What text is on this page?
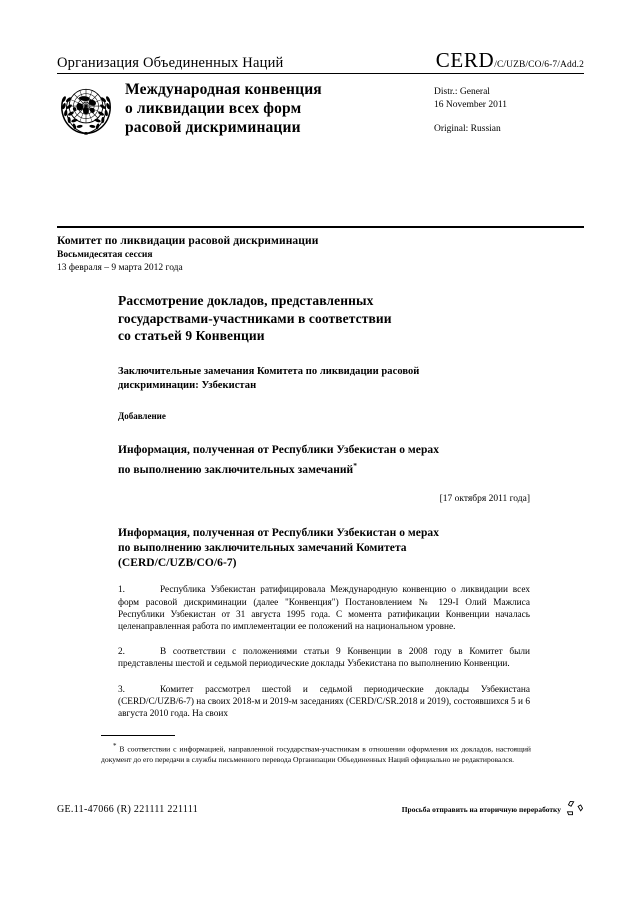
Организация Объединенных Наций	CERD/C/UZB/CO/6-7/Add.2
Международная конвенция
о ликвидации всех форм
расовой дискриминации
Distr.: General
16 November 2011
Original: Russian
Комитет по ликвидации расовой дискриминации
Восьмидесятая сессия
13 февраля – 9 марта 2012 года
Рассмотрение докладов, представленных
государствами-участниками в соответствии
со статьей 9 Конвенции
Заключительные замечания Комитета по ликвидации расовой
дискриминации: Узбекистан
Добавление
Информация, полученная от Республики Узбекистан о мерах
по выполнению заключительных замечаний*
[17 октября 2011 года]
Информация, полученная от Республики Узбекистан о мерах
по выполнению заключительных замечаний Комитета
(CERD/C/UZB/CO/6-7)
1.	Республика Узбекистан ратифицировала Международную конвенцию о ликвидации всех форм расовой дискриминации (далее "Конвенция") Постановлением № 129-I Олий Мажлиса Республики Узбекистан от 31 августа 1995 года. С момента ратификации Конвенции началась целенаправленная работа по имплементации ее положений на национальном уровне.
2.	В соответствии с положениями статьи 9 Конвенции в 2008 году в Комитет были представлены шестой и седьмой периодические доклады Узбекистана по выполнению Конвенции.
3.	Комитет рассмотрел шестой и седьмой периодические доклады Узбекистана (CERD/C/UZB/6-7) на своих 2018-м и 2019-м заседаниях (CERD/C/SR.2018 и 2019), состоявшихся 5 и 6 августа 2010 года. На своих
* В соответствии с информацией, направленной государствам-участникам в отношении оформления их докладов, настоящий документ до его передачи в службы письменного перевода Организации Объединенных Наций официально не редактировался.
GE.11-47066 (R) 221111 221111	Просьба отправить на вторичную переработку
